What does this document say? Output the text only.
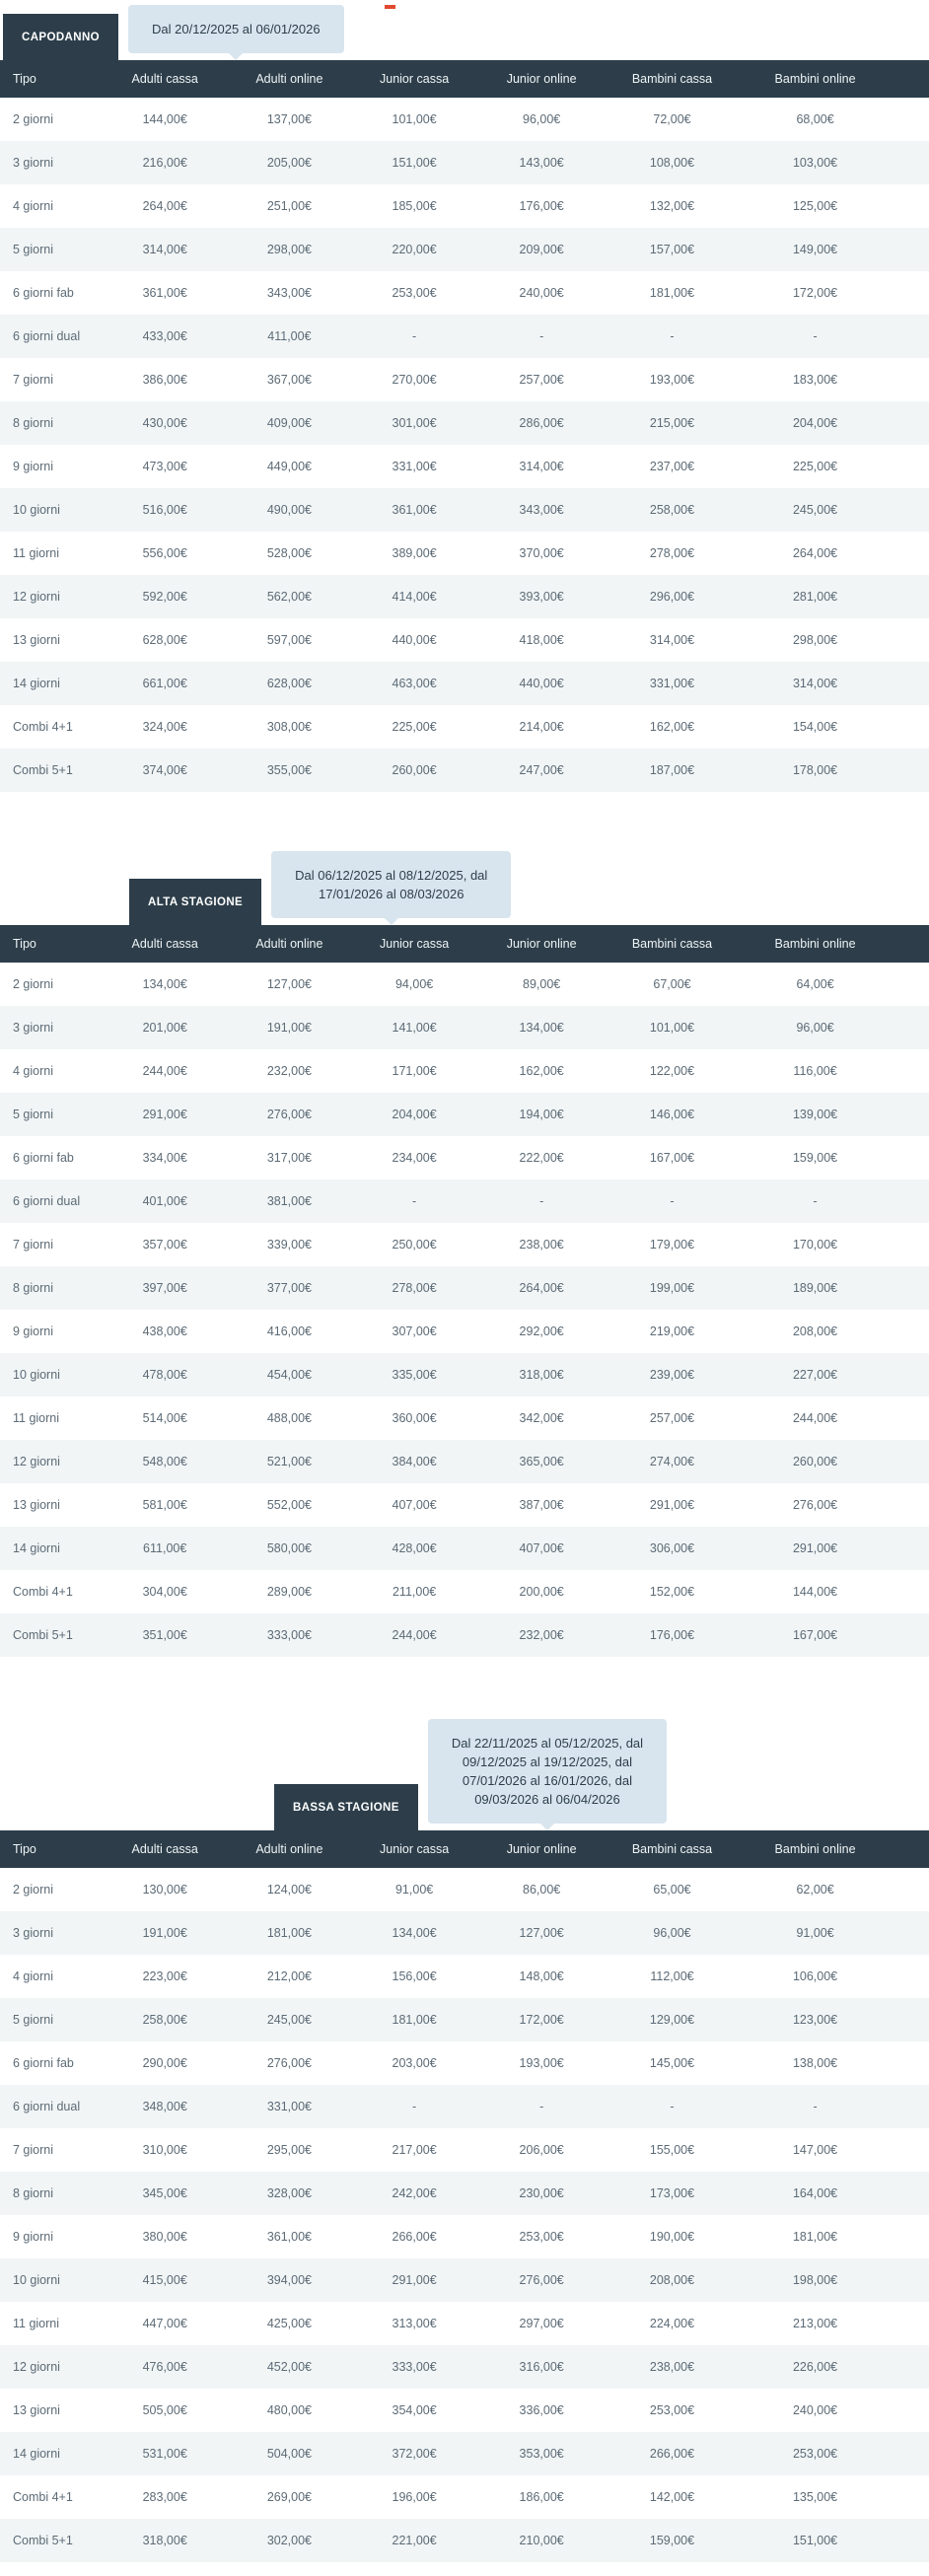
CAPODANNO
Dal 20/12/2025 al 06/01/2026
Tipo	Adulti cassa	Adulti online	Junior cassa	Junior online	Bambini cassa	Bambini online	
2 giorni	144,00€	137,00€	101,00€	96,00€	72,00€	68,00€	
3 giorni	216,00€	205,00€	151,00€	143,00€	108,00€	103,00€	
4 giorni	264,00€	251,00€	185,00€	176,00€	132,00€	125,00€	
5 giorni	314,00€	298,00€	220,00€	209,00€	157,00€	149,00€	
6 giorni fab	361,00€	343,00€	253,00€	240,00€	181,00€	172,00€	
6 giorni dual	433,00€	411,00€	-	-	-	-	
7 giorni	386,00€	367,00€	270,00€	257,00€	193,00€	183,00€	
8 giorni	430,00€	409,00€	301,00€	286,00€	215,00€	204,00€	
9 giorni	473,00€	449,00€	331,00€	314,00€	237,00€	225,00€	
10 giorni	516,00€	490,00€	361,00€	343,00€	258,00€	245,00€	
11 giorni	556,00€	528,00€	389,00€	370,00€	278,00€	264,00€	
12 giorni	592,00€	562,00€	414,00€	393,00€	296,00€	281,00€	
13 giorni	628,00€	597,00€	440,00€	418,00€	314,00€	298,00€	
14 giorni	661,00€	628,00€	463,00€	440,00€	331,00€	314,00€	
Combi 4+1	324,00€	308,00€	225,00€	214,00€	162,00€	154,00€	
Combi 5+1	374,00€	355,00€	260,00€	247,00€	187,00€	178,00€	
ALTA STAGIONE
Dal 06/12/2025 al 08/12/2025, dal
17/01/2026 al 08/03/2026
Tipo	Adulti cassa	Adulti online	Junior cassa	Junior online	Bambini cassa	Bambini online	
2 giorni	134,00€	127,00€	94,00€	89,00€	67,00€	64,00€	
3 giorni	201,00€	191,00€	141,00€	134,00€	101,00€	96,00€	
4 giorni	244,00€	232,00€	171,00€	162,00€	122,00€	116,00€	
5 giorni	291,00€	276,00€	204,00€	194,00€	146,00€	139,00€	
6 giorni fab	334,00€	317,00€	234,00€	222,00€	167,00€	159,00€	
6 giorni dual	401,00€	381,00€	-	-	-	-	
7 giorni	357,00€	339,00€	250,00€	238,00€	179,00€	170,00€	
8 giorni	397,00€	377,00€	278,00€	264,00€	199,00€	189,00€	
9 giorni	438,00€	416,00€	307,00€	292,00€	219,00€	208,00€	
10 giorni	478,00€	454,00€	335,00€	318,00€	239,00€	227,00€	
11 giorni	514,00€	488,00€	360,00€	342,00€	257,00€	244,00€	
12 giorni	548,00€	521,00€	384,00€	365,00€	274,00€	260,00€	
13 giorni	581,00€	552,00€	407,00€	387,00€	291,00€	276,00€	
14 giorni	611,00€	580,00€	428,00€	407,00€	306,00€	291,00€	
Combi 4+1	304,00€	289,00€	211,00€	200,00€	152,00€	144,00€	
Combi 5+1	351,00€	333,00€	244,00€	232,00€	176,00€	167,00€	
BASSA STAGIONE
Dal 22/11/2025 al 05/12/2025, dal
09/12/2025 al 19/12/2025, dal
07/01/2026 al 16/01/2026, dal
09/03/2026 al 06/04/2026
Tipo	Adulti cassa	Adulti online	Junior cassa	Junior online	Bambini cassa	Bambini online	
2 giorni	130,00€	124,00€	91,00€	86,00€	65,00€	62,00€	
3 giorni	191,00€	181,00€	134,00€	127,00€	96,00€	91,00€	
4 giorni	223,00€	212,00€	156,00€	148,00€	112,00€	106,00€	
5 giorni	258,00€	245,00€	181,00€	172,00€	129,00€	123,00€	
6 giorni fab	290,00€	276,00€	203,00€	193,00€	145,00€	138,00€	
6 giorni dual	348,00€	331,00€	-	-	-	-	
7 giorni	310,00€	295,00€	217,00€	206,00€	155,00€	147,00€	
8 giorni	345,00€	328,00€	242,00€	230,00€	173,00€	164,00€	
9 giorni	380,00€	361,00€	266,00€	253,00€	190,00€	181,00€	
10 giorni	415,00€	394,00€	291,00€	276,00€	208,00€	198,00€	
11 giorni	447,00€	425,00€	313,00€	297,00€	224,00€	213,00€	
12 giorni	476,00€	452,00€	333,00€	316,00€	238,00€	226,00€	
13 giorni	505,00€	480,00€	354,00€	336,00€	253,00€	240,00€	
14 giorni	531,00€	504,00€	372,00€	353,00€	266,00€	253,00€	
Combi 4+1	283,00€	269,00€	196,00€	186,00€	142,00€	135,00€	
Combi 5+1	318,00€	302,00€	221,00€	210,00€	159,00€	151,00€	
